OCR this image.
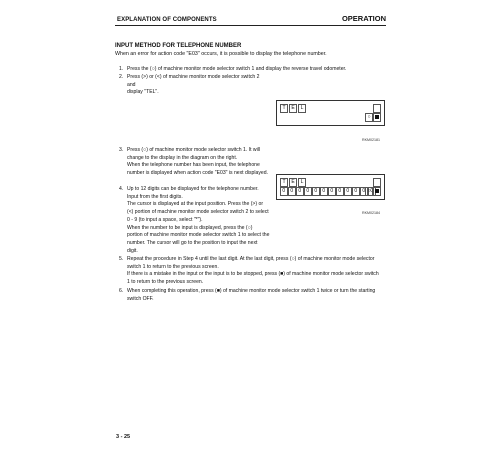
EXPLANATION OF COMPONENTS	OPERATION
INPUT METHOD FOR TELEPHONE NUMBER
When an error for action code "E03" occurs, it is possible to display the telephone number.
1. Press the (○) of machine monitor mode selector switch 1 and display the reverse travel odometer.
2. Press (>) or (<) of machine monitor mode selector switch 2 and
display "TEL".
T	E	L
○
RKM02181
3. Press (○) of machine monitor mode selector switch 1. It will
change to the display in the diagram on the right.
When the telephone number has been input, the telephone
number is displayed when action code "E03" is next displayed.
T	E	L
0	0	0	0	0	0	0	0	0	0	0	0
○
RKM02184
4. Up to 12 digits can be displayed for the telephone number.
Input from the first digits.
The cursor is displayed at the input position. Press the (>) or
(<) portion of machine monitor mode selector switch 2 to select
0 - 9 (to input a space, select "*").
When the number to be input is displayed, press the (○)
portion of machine monitor mode selector switch 1 to select the
number. The cursor will go to the position to input the next
digit.
5. Repeat the procedure in Step 4 until the last digit. At the last digit, press (○) of machine monitor mode selector
switch 1 to return to the previous screen.
If there is a mistake in the input or the input is to be stopped, press (■) of machine monitor mode selector switch
1 to return to the previous screen.
6. When completing this operation, press (■) of machine monitor mode selector switch 1 twice or turn the starting
switch OFF.
3 - 25
